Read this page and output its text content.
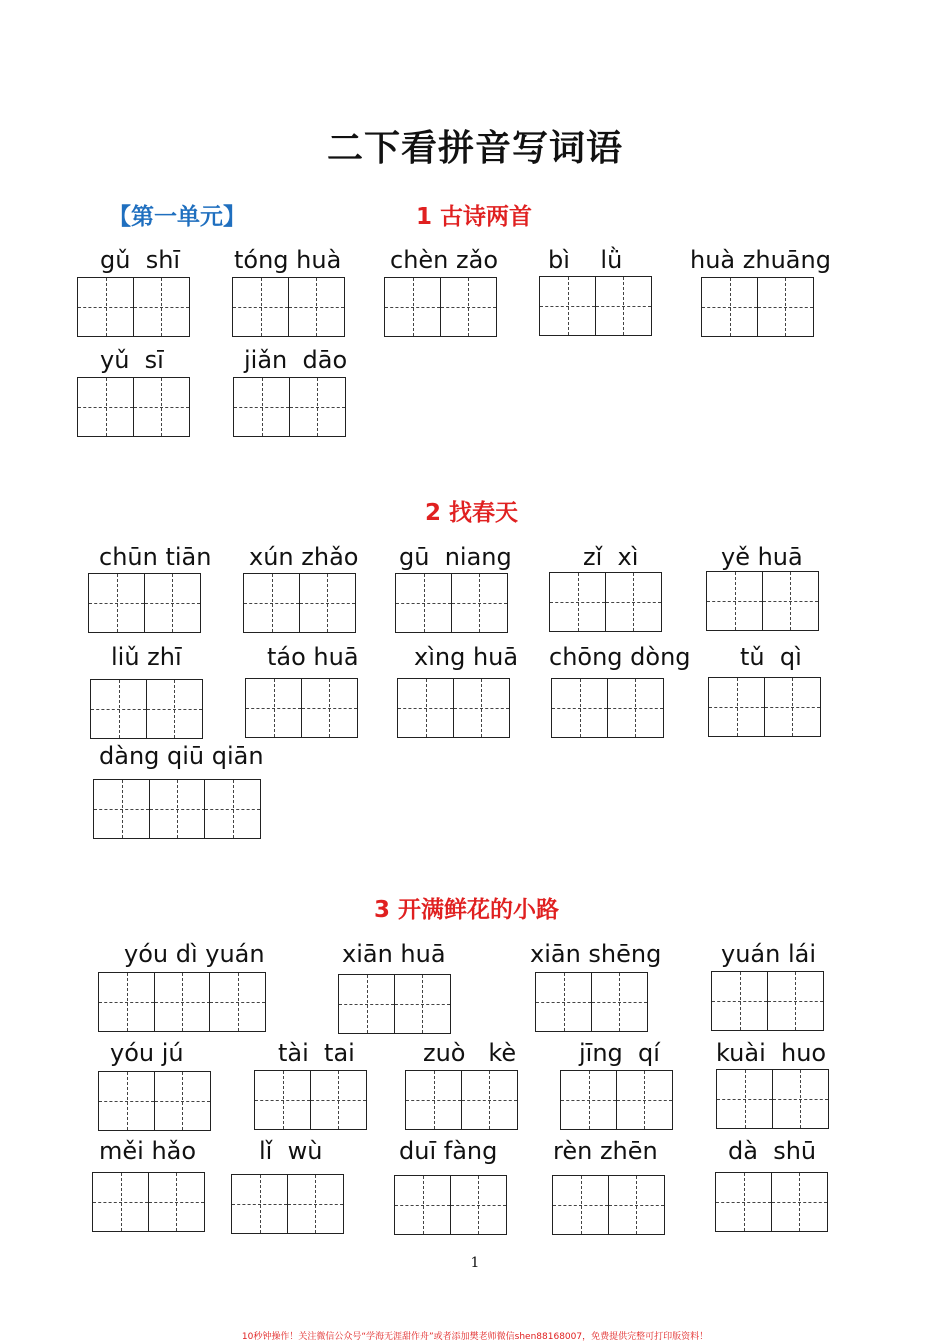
二下看拼音写词语
【第一单元】	1 古诗两首
2 找春天
3 开满鲜花的小路
gǔ  shī tóng huà chèn zǎo bì    lǜ	huà zhuāng
yǔ  sī	jiǎn  dāo
chūn tiān xún zhǎo gū  niang	zǐ  xì	yě huā
liǔ zhī	táo huā xìng huā chōng dòng tǔ  qì
dàng qiū qiān
yóu dì yuán	xiān huā	xiān shēng yuán lái
yóu jú	tài  tai	zuò   kè	jīng  qí kuài  huo
měi hǎo	lǐ  wù	duī fàng rèn zhēn	dà  shū
1
10秒钟操作！关注微信公众号“学海无涯甜作舟”或者添加樊老师微信shen88168007，免费提供完整可打印版资料！
